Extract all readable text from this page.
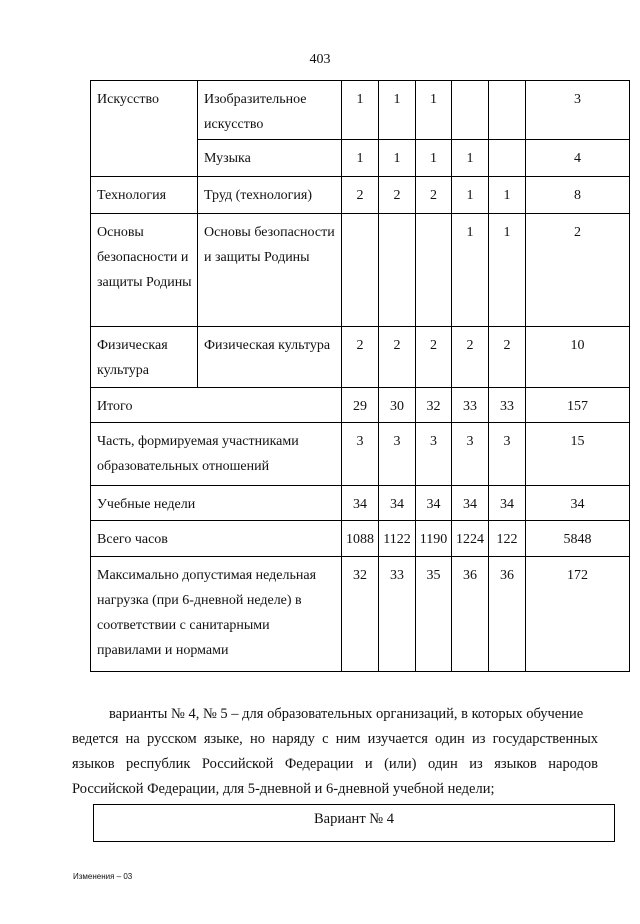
403
Искусство	Изобразительное искусство	1	1	1			3
	Музыка	1	1	1	1		4
Технология	Труд (технология)	2	2	2	1	1	8
Основы безопасности и защиты Родины	Основы безопасности и защиты Родины				1	1	2
Физическая культура	Физическая культура	2	2	2	2	2	10
Итого		29	30	32	33	33	157
Часть, формируемая участниками образовательных отношений		3	3	3	3	3	15
Учебные недели		34	34	34	34	34	34
Всего часов		1088	1122	1190	1224	122	5848
Максимально допустимая недельная нагрузка (при 6-дневной неделе) в соответствии с санитарными правилами и нормами		32	33	35	36	36	172
варианты № 4, № 5 – для образовательных организаций, в которых обучение
ведется на русском языке, но наряду с ним изучается один из государственных языков республик Российской Федерации и (или) один из языков народов Российской Федерации, для 5-дневной и 6-дневной учебной недели;
Вариант № 4
Изменения – 03
